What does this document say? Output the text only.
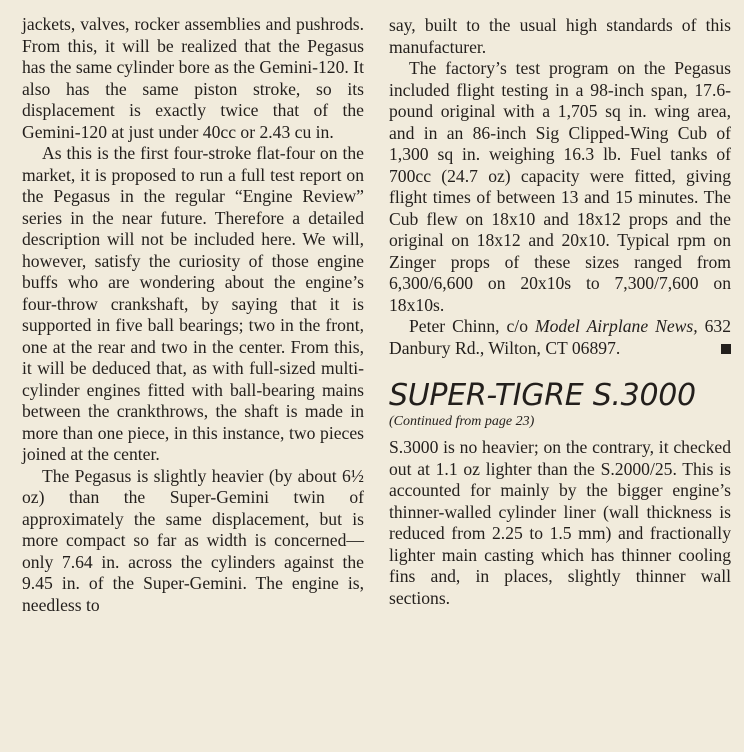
jackets, valves, rocker assemblies and pushrods. From this, it will be realized that the Pegasus has the same cylinder bore as the Gemini-120. It also has the same piston stroke, so its displacement is exactly twice that of the Gemini-120 at just under 40cc or 2.43 cu in.

As this is the first four-stroke flat-four on the market, it is proposed to run a full test report on the Pegasus in the regular “Engine Review” series in the near future. Therefore a detailed description will not be included here. We will, however, satisfy the curiosity of those engine buffs who are wondering about the engine’s four-throw crankshaft, by saying that it is supported in five ball bearings; two in the front, one at the rear and two in the center. From this, it will be deduced that, as with full-sized multi-cylinder engines fitted with ball-bearing mains between the crankthrows, the shaft is made in more than one piece, in this instance, two pieces joined at the center.

The Pegasus is slightly heavier (by about 6½ oz) than the Super-Gemini twin of approximately the same displacement, but is more compact so far as width is concerned—only 7.64 in. across the cylinders against the 9.45 in. of the Super-Gemini. The engine is, needless to

say, built to the usual high standards of this manufacturer.

The factory’s test program on the Pegasus included flight testing in a 98-inch span, 17.6-pound original with a 1,705 sq in. wing area, and in an 86-inch Sig Clipped-Wing Cub of 1,300 sq in. weighing 16.3 lb. Fuel tanks of 700cc (24.7 oz) capacity were fitted, giving flight times of between 13 and 15 minutes. The Cub flew on 18x10 and 18x12 props and the original on 18x12 and 20x10. Typical rpm on Zinger props of these sizes ranged from 6,300/6,600 on 20x10s to 7,300/7,600 on 18x10s.

Peter Chinn, c/o Model Airplane News, 632 Danbury Rd., Wilton, CT 06897.

SUPER-TIGRE S.3000
(Continued from page 23)

S.3000 is no heavier; on the contrary, it checked out at 1.1 oz lighter than the S.2000/25. This is accounted for mainly by the bigger engine’s thinner-walled cylinder liner (wall thickness is reduced from 2.25 to 1.5 mm) and fractionally lighter main casting which has thinner cooling fins and, in places, slightly thinner wall sections.
